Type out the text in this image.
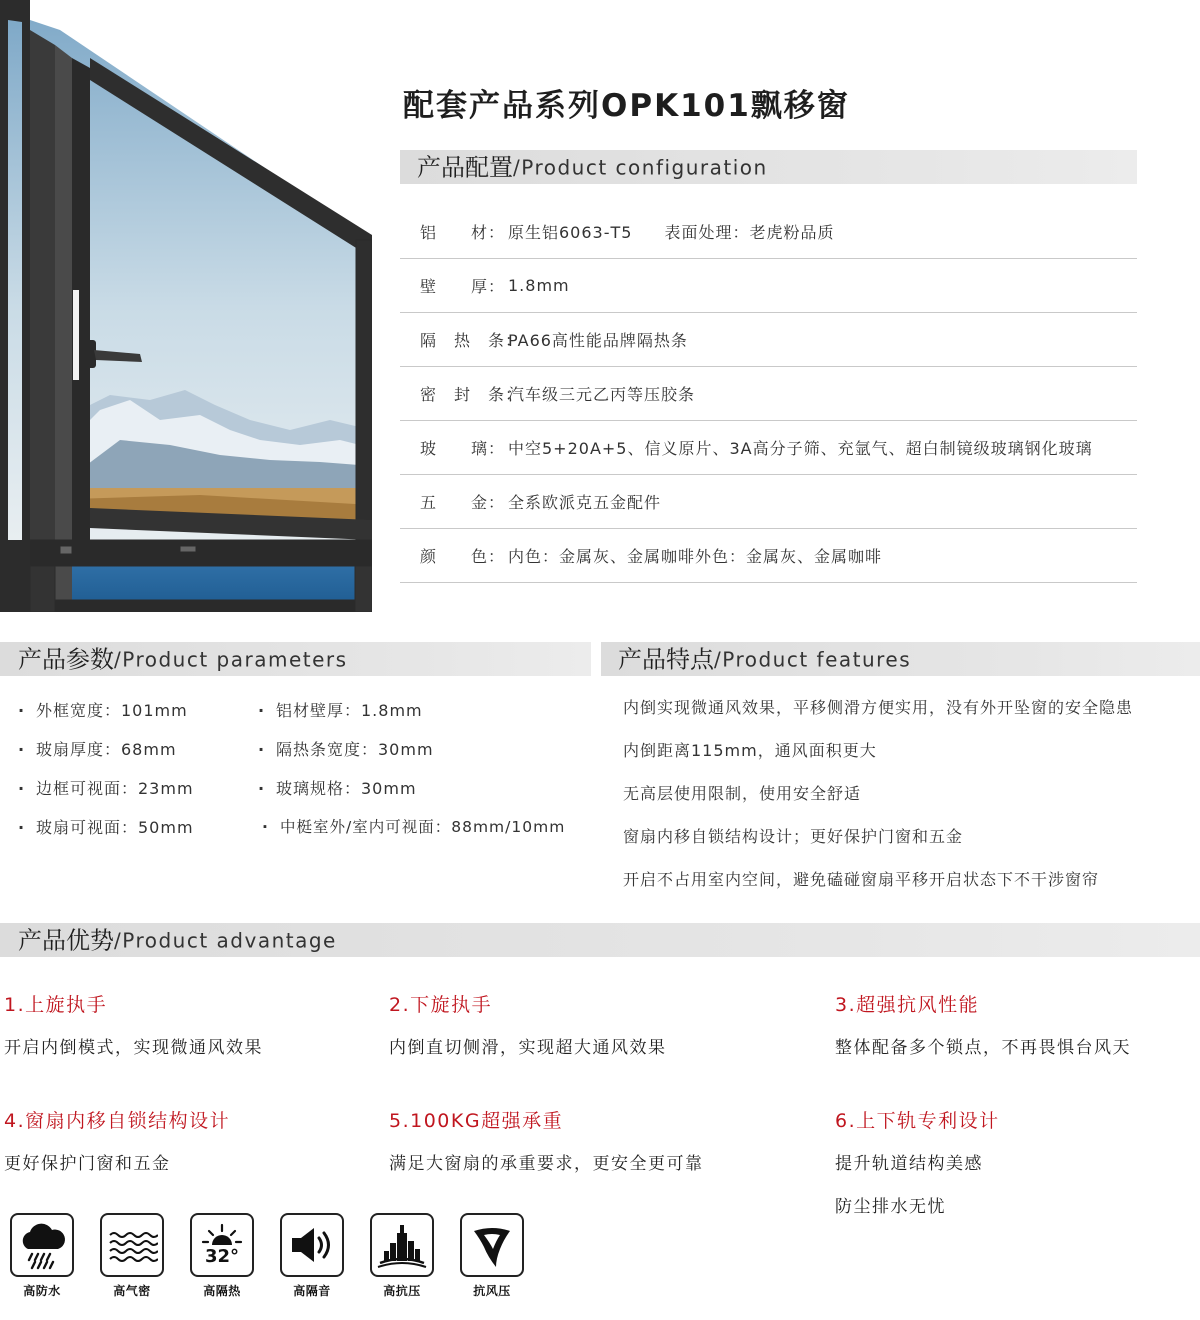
配套产品系列OPK101飘移窗
产品配置/Product configuration
铝　　材： 原生铝6063-T5 表面处理：老虎粉品质
壁　　厚： 1.8mm
隔　热　条：
PA66高性能品牌隔热条
密　封　条：
汽车级三元乙丙等压胶条
玻　　璃： 中空5+20A+5、信义原片、3A高分子筛、充氩气、超白制镜级玻璃钢化玻璃
五　　金： 全系欧派克五金配件
颜　　色： 内色：金属灰、金属咖啡外色：金属灰、金属咖啡
产品参数/Product parameters
· 外框宽度：101mm
· 玻扇厚度：68mm
· 边框可视面：23mm
· 玻扇可视面：50mm
· 铝材壁厚：1.8mm
· 隔热条宽度：30mm
· 玻璃规格：30mm
· 中梃室外/室内可视面：88mm/10mm
产品特点/Product features
内倒实现微通风效果，平移侧滑方便实用，没有外开坠窗的安全隐患
内倒距离115mm，通风面积更大
无高层使用限制，使用安全舒适
窗扇内移自锁结构设计；更好保护门窗和五金
开启不占用室内空间，避免磕碰窗扇平移开启状态下不干涉窗帘
产品优势/Product advantage
1.上旋执手
开启内倒模式，实现微通风效果
2.下旋执手
内倒直切侧滑，实现超大通风效果
3.超强抗风性能
整体配备多个锁点，不再畏惧台风天
4.窗扇内移自锁结构设计
更好保护门窗和五金
5.100KG超强承重
满足大窗扇的承重要求，更安全更可靠
6.上下轨专利设计
提升轨道结构美感
防尘排水无忧
高防水	高气密
32°
高隔热	高隔音	高抗压	抗风压
